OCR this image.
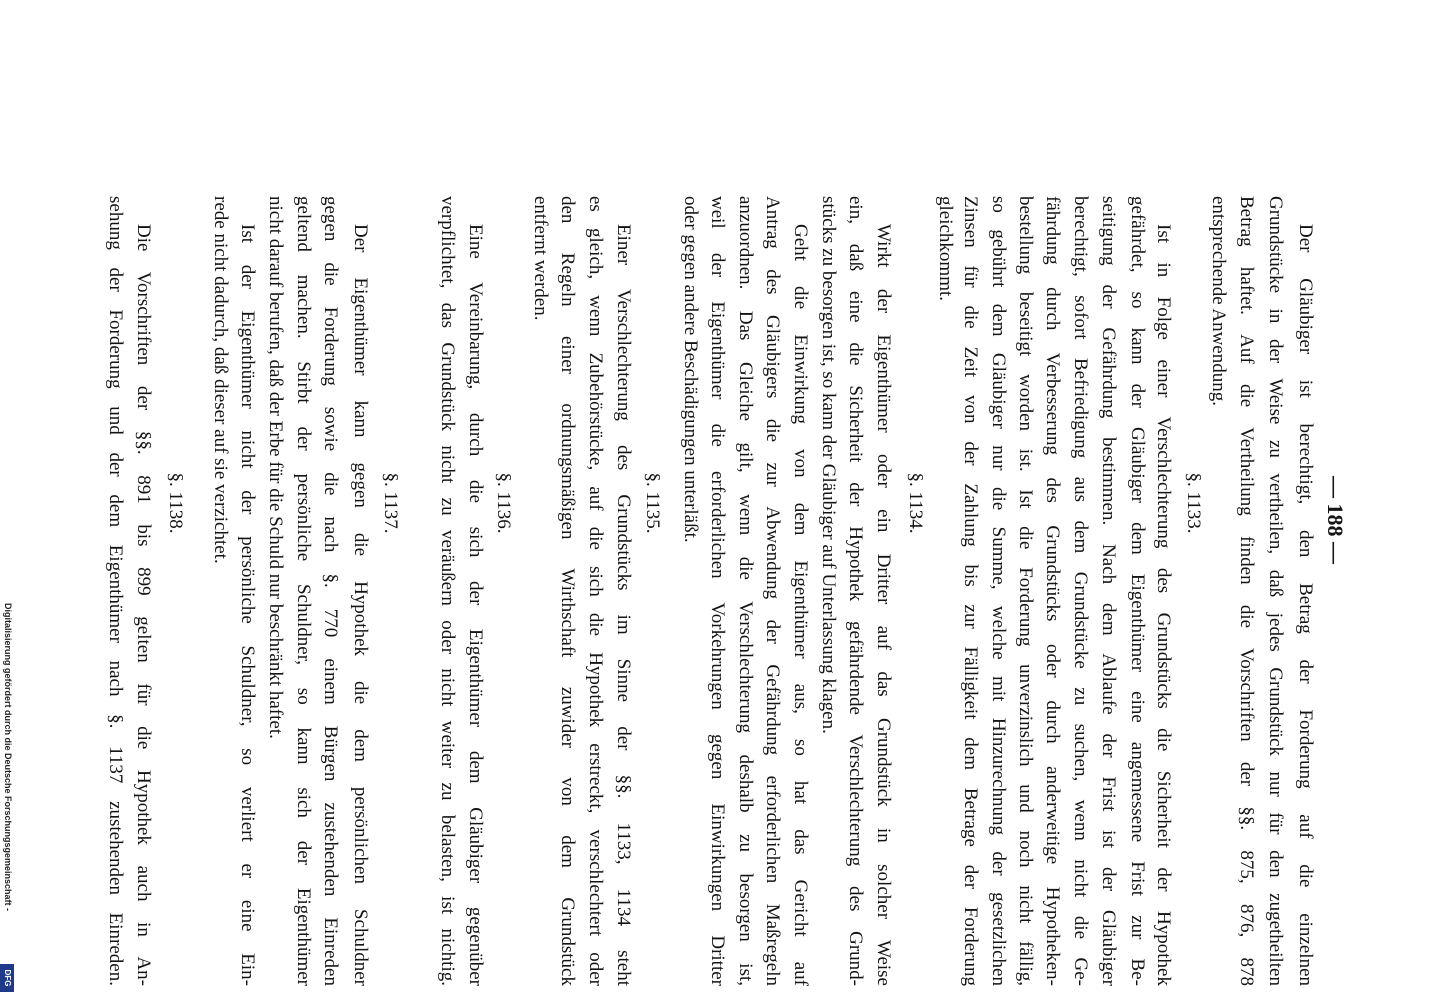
— 188 —
Der Gläubiger ist berechtigt, den Betrag der Forderung auf die einzelnen
Grundstücke in der Weise zu vertheilen, daß jedes Grundstück nur für den zugetheilten
Betrag haftet. Auf die Vertheilung finden die Vorschriften der §§. 875, 876, 878
entsprechende Anwendung.
§. 1133.
Ist in Folge einer Verschlechterung des Grundstücks die Sicherheit der Hypothek
gefährdet, so kann der Gläubiger dem Eigenthümer eine angemessene Frist zur Be-
seitigung der Gefährdung bestimmen. Nach dem Ablaufe der Frist ist der Gläubiger
berechtigt, sofort Befriedigung aus dem Grundstücke zu suchen, wenn nicht die Ge-
fährdung durch Verbesserung des Grundstücks oder durch anderweitige Hypotheken-
bestellung beseitigt worden ist. Ist die Forderung unverzinslich und noch nicht fällig,
so gebührt dem Gläubiger nur die Summe, welche mit Hinzurechnung der gesetzlichen
Zinsen für die Zeit von der Zahlung bis zur Fälligkeit dem Betrage der Forderung
gleichkommt.
§. 1134.
Wirkt der Eigenthümer oder ein Dritter auf das Grundstück in solcher Weise
ein, daß eine die Sicherheit der Hypothek gefährdende Verschlechterung des Grund-
stücks zu besorgen ist, so kann der Gläubiger auf Unterlassung klagen.
Geht die Einwirkung von dem Eigenthümer aus, so hat das Gericht auf
Antrag des Gläubigers die zur Abwendung der Gefährdung erforderlichen Maßregeln
anzuordnen. Das Gleiche gilt, wenn die Verschlechterung deshalb zu besorgen ist,
weil der Eigenthümer die erforderlichen Vorkehrungen gegen Einwirkungen Dritter
oder gegen andere Beschädigungen unterläßt.
§. 1135.
Einer Verschlechterung des Grundstücks im Sinne der §§. 1133, 1134 steht
es gleich, wenn Zubehörstücke, auf die sich die Hypothek erstreckt, verschlechtert oder
den Regeln einer ordnungsmäßigen Wirthschaft zuwider von dem Grundstück
entfernt werden.
§. 1136.
Eine Vereinbarung, durch die sich der Eigenthümer dem Gläubiger gegenüber
verpflichtet, das Grundstück nicht zu veräußern oder nicht weiter zu belasten, ist nichtig.
§. 1137.
Der Eigenthümer kann gegen die Hypothek die dem persönlichen Schuldner
gegen die Forderung sowie die nach §. 770 einem Bürgen zustehenden Einreden
geltend machen. Stirbt der persönliche Schuldner, so kann sich der Eigenthümer
nicht darauf berufen, daß der Erbe für die Schuld nur beschränkt haftet.
Ist der Eigenthümer nicht der persönliche Schuldner, so verliert er eine Ein-
rede nicht dadurch, daß dieser auf sie verzichtet.
§. 1138.
Die Vorschriften der §§. 891 bis 899 gelten für die Hypothek auch in An-
sehung der Forderung und der dem Eigenthümer nach §. 1137 zustehenden Einreden.
Digitalisierung gefördert durch die Deutsche Forschungsgemeinschaft -
DFG
